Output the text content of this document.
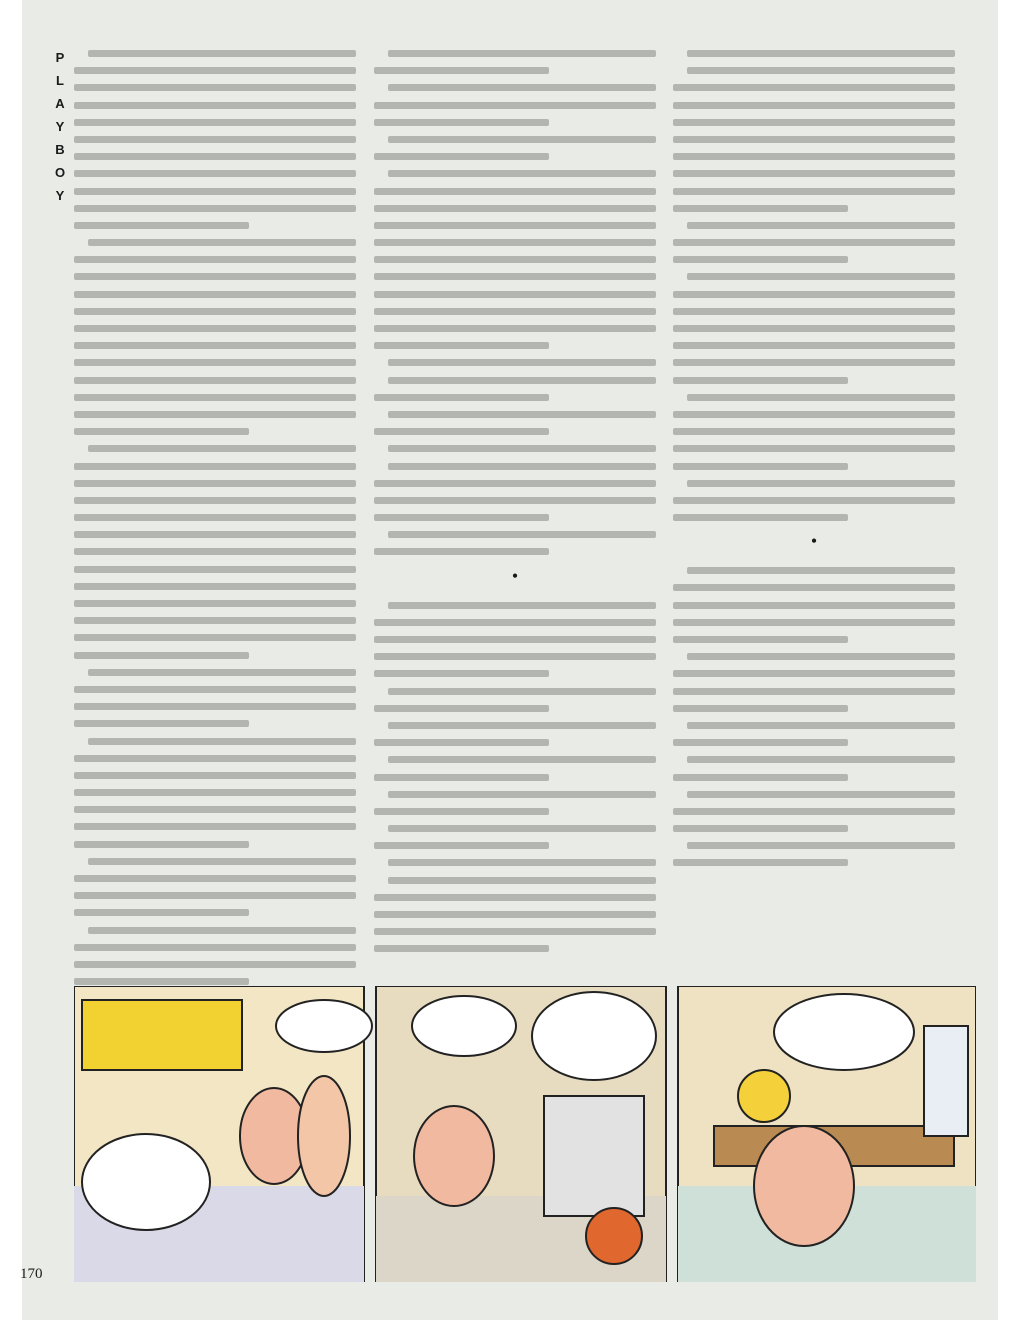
P
L
A
Y
B
O
Y
•
•
170
